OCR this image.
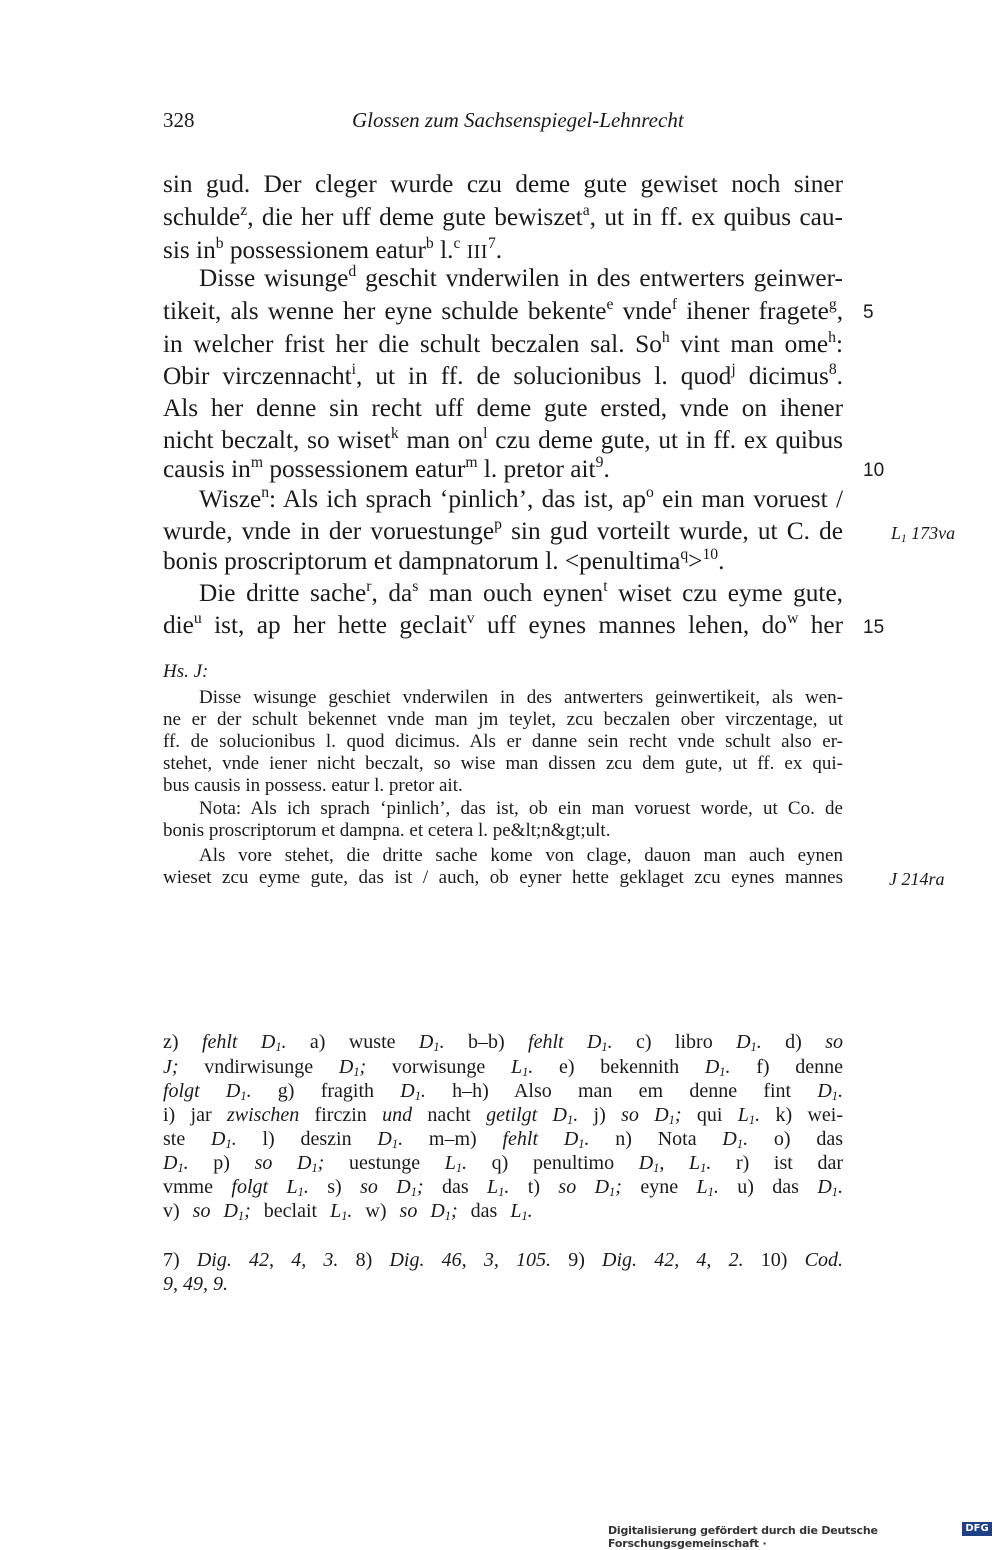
328	Glossen zum Sachsenspiegel-Lehnrecht
sin gud. Der cleger wurde czu deme gute gewiset noch siner
schulde$^z$, die her uff deme gute bewiszet$^a$, ut in ff. ex quibus cau-
sis $in^b$ possessionem eatur$^b$ l.$^c$ III$^7$.
Disse wisunge$^d$ geschit vnderwilen in des entwerters geinwer-
tikeit, als wenne her eyne schulde bekente$^e$ vnde$^f$ ihener fragete$^g$,
in welcher frist her die schult beczalen sal. So$^h$ vint man ome$^h$:
Obir virczennacht$^i$, ut in ff. de solucionibus l. quod$^j$ dicimus$^8$.
Als her denne sin recht uff deme gute ersted, vnde on ihener
nicht beczalt, so wiset$^k$ man $on^l$ czu deme gute, ut in ff. ex quibus
causis $in^m$ possessionem eatur$^m$ l. pretor ait$^9$.
Wisze$^n$: Als ich sprach ‘pinlich’, das ist, $ap^o$ ein man voruest /
wurde, vnde in der voruestunge$^p$ sin gud vorteilt wurde, ut C. de
bonis proscriptorum et dampnatorum l. <penultima$^q$>$^{10}$.
Die dritte sache$^r$, $da^s$ man ouch eynen$^t$ wiset czu eyme gute,
die$^u$ ist, ap her hette geclait$^v$ uff eynes mannes lehen, $do^w$ her
5
10
15
$L_1$ 173va
Hs. J:
Disse wisunge geschiet vnderwilen in des antwerters geinwertikeit, als wen-
ne er der schult bekennet vnde man jm teylet, zcu beczalen ober virczentage, ut
ff. de solucionibus l. quod dicimus. Als er danne sein recht vnde schult also er-
stehet, vnde iener nicht beczalt, so wise man dissen zcu dem gute, ut ff. ex qui-
bus causis in possess. eatur l. pretor ait.
Nota: Als ich sprach ‘pinlich’, das ist, ob ein man voruest worde, ut Co. de
bonis proscriptorum et dampna. et cetera l. pe&lt;n&gt;ult.
Als vore stehet, die dritte sache kome von clage, dauon man auch eynen
wieset zcu eyme gute, das ist / auch, ob eyner hette geklaget zcu eynes mannes	J 214ra
z) fehlt $D_1$. a) wuste $D_1$. b–b) fehlt $D_1$. c) libro $D_1$. d) so
J; vndirwisunge $D_1$; vorwisunge $L_1$. e) bekennith $D_1$. f) denne
folgt $D_1$. g) fragith $D_1$. h–h) Also man em denne fint $D_1$.
i) jar zwischen firczin und nacht getilgt $D_1$. j) so $D_1$; qui $L_1$. k) wei-
ste $D_1$. l) deszin $D_1$. m–m) fehlt $D_1$. n) Nota $D_1$. o) das
$D_1$. p) so $D_1$; uestunge $L_1$. q) penultimo $D_1$, $L_1$. r) ist dar
vmme folgt $L_1$. s) so $D_1$; das $L_1$. t) so $D_1$; eyne $L_1$. u) das $D_1$.
v) so $D_1$; beclait $L_1$. w) so $D_1$; das $L_1$.
7) Dig. 42, 4, 3. 8) Dig. 46, 3, 105. 9) Dig. 42, 4, 2. 10) Cod.
9, 49, 9.
Digitalisierung gefördert durch die Deutsche Forschungsgemeinschaft ·
DFG
